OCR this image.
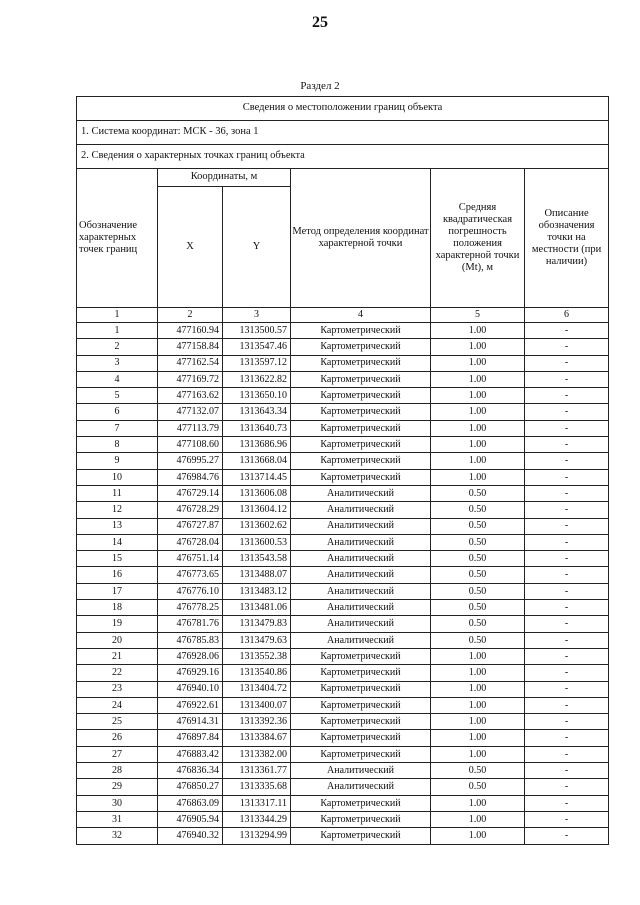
25
Раздел 2
Сведения о местоположении границ объекта					
1. Система координат: МСК - 36, зона 1					
2. Сведения о характерных точках границ объекта					
Обозначение характерных точек границ	Координаты, м		Метод определения координат характерной точки	Средняя квадратическая погрешность положения характерной точки (Mt), м	Описание обозначения точки на местности (при наличии)
	X	Y			
1	2	3	4	5	6
1	477160.94	1313500.57	Картометрический	1.00	-
2	477158.84	1313547.46	Картометрический	1.00	-
3	477162.54	1313597.12	Картометрический	1.00	-
4	477169.72	1313622.82	Картометрический	1.00	-
5	477163.62	1313650.10	Картометрический	1.00	-
6	477132.07	1313643.34	Картометрический	1.00	-
7	477113.79	1313640.73	Картометрический	1.00	-
8	477108.60	1313686.96	Картометрический	1.00	-
9	476995.27	1313668.04	Картометрический	1.00	-
10	476984.76	1313714.45	Картометрический	1.00	-
11	476729.14	1313606.08	Аналитический	0.50	-
12	476728.29	1313604.12	Аналитический	0.50	-
13	476727.87	1313602.62	Аналитический	0.50	-
14	476728.04	1313600.53	Аналитический	0.50	-
15	476751.14	1313543.58	Аналитический	0.50	-
16	476773.65	1313488.07	Аналитический	0.50	-
17	476776.10	1313483.12	Аналитический	0.50	-
18	476778.25	1313481.06	Аналитический	0.50	-
19	476781.76	1313479.83	Аналитический	0.50	-
20	476785.83	1313479.63	Аналитический	0.50	-
21	476928.06	1313552.38	Картометрический	1.00	-
22	476929.16	1313540.86	Картометрический	1.00	-
23	476940.10	1313404.72	Картометрический	1.00	-
24	476922.61	1313400.07	Картометрический	1.00	-
25	476914.31	1313392.36	Картометрический	1.00	-
26	476897.84	1313384.67	Картометрический	1.00	-
27	476883.42	1313382.00	Картометрический	1.00	-
28	476836.34	1313361.77	Аналитический	0.50	-
29	476850.27	1313335.68	Аналитический	0.50	-
30	476863.09	1313317.11	Картометрический	1.00	-
31	476905.94	1313344.29	Картометрический	1.00	-
32	476940.32	1313294.99	Картометрический	1.00	-
